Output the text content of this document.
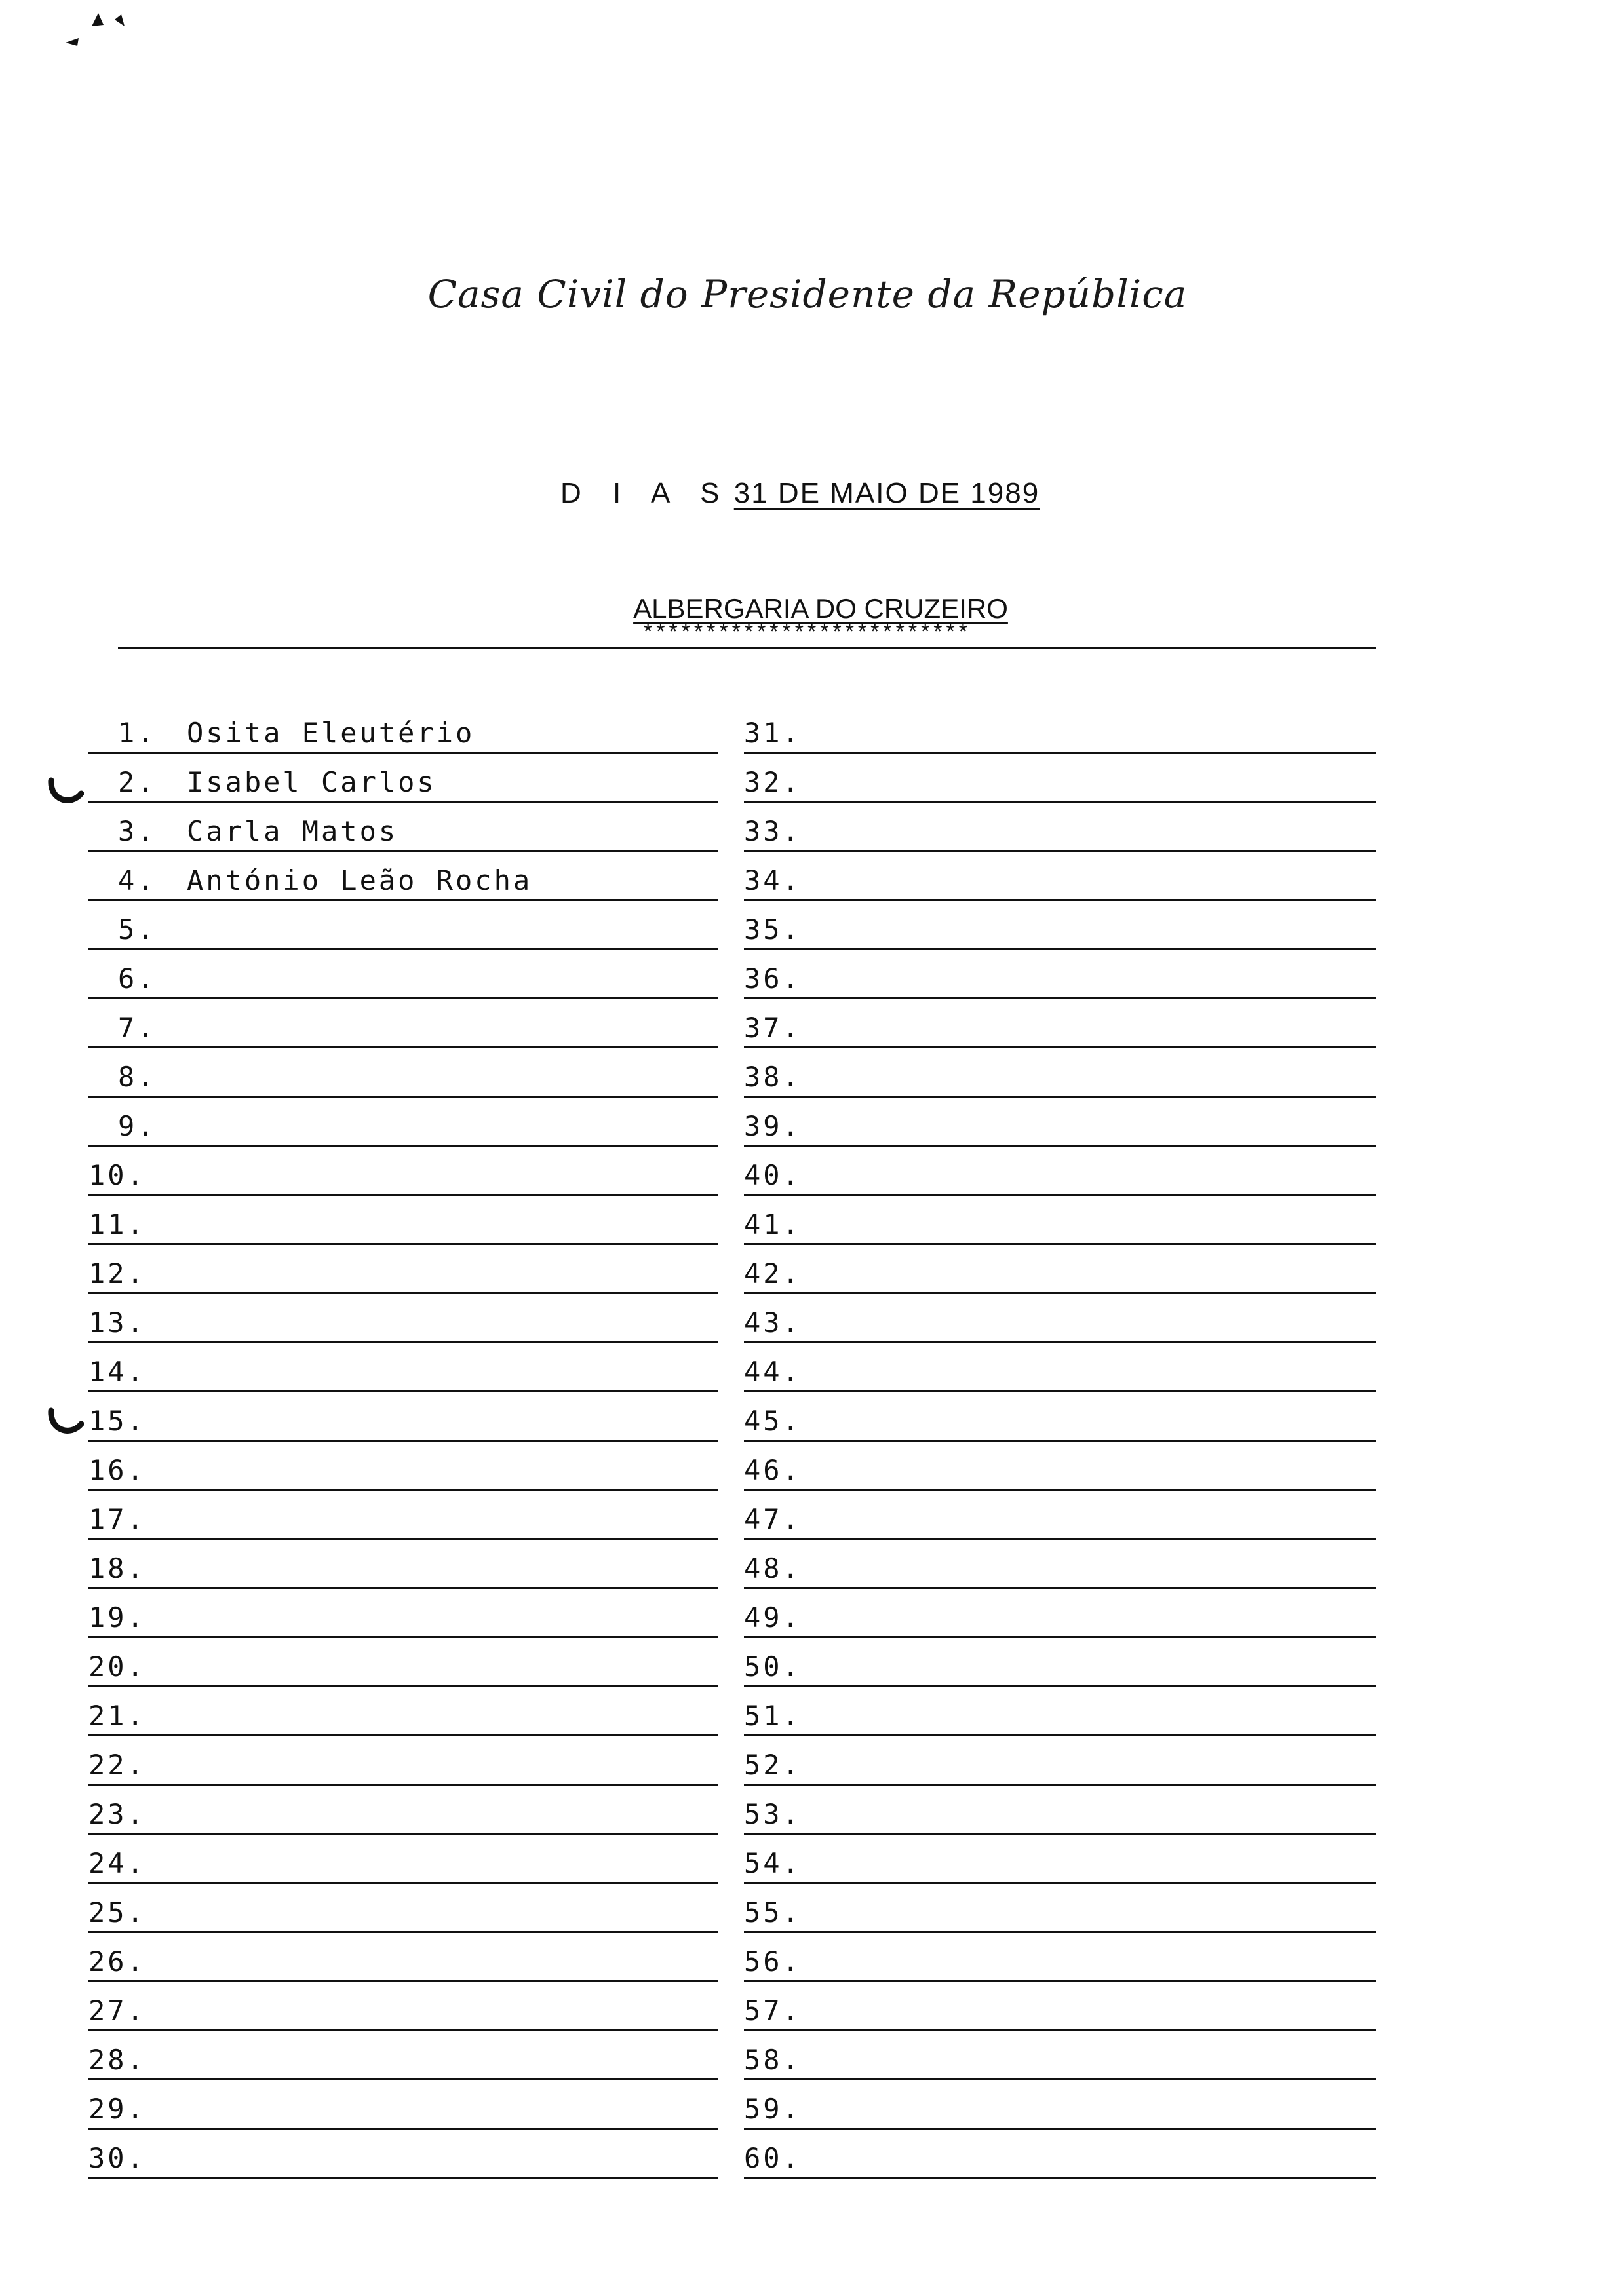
Casa Civil do Presidente da República
D I A S 31 DE MAIO DE 1989
ALBERGARIA DO CRUZEIRO
**************************
1. Osita Eleutério
2. Isabel Carlos
3. Carla Matos
4. António Leão Rocha
5.
6.
7.
8.
9.
10.
11.
12.
13.
14.
15.
16.
17.
18.
19.
20.
21.
22.
23.
24.
25.
26.
27.
28.
29.
30.
31.
32.
33.
34.
35.
36.
37.
38.
39.
40.
41.
42.
43.
44.
45.
46.
47.
48.
49.
50.
51.
52.
53.
54.
55.
56.
57.
58.
59.
60.
